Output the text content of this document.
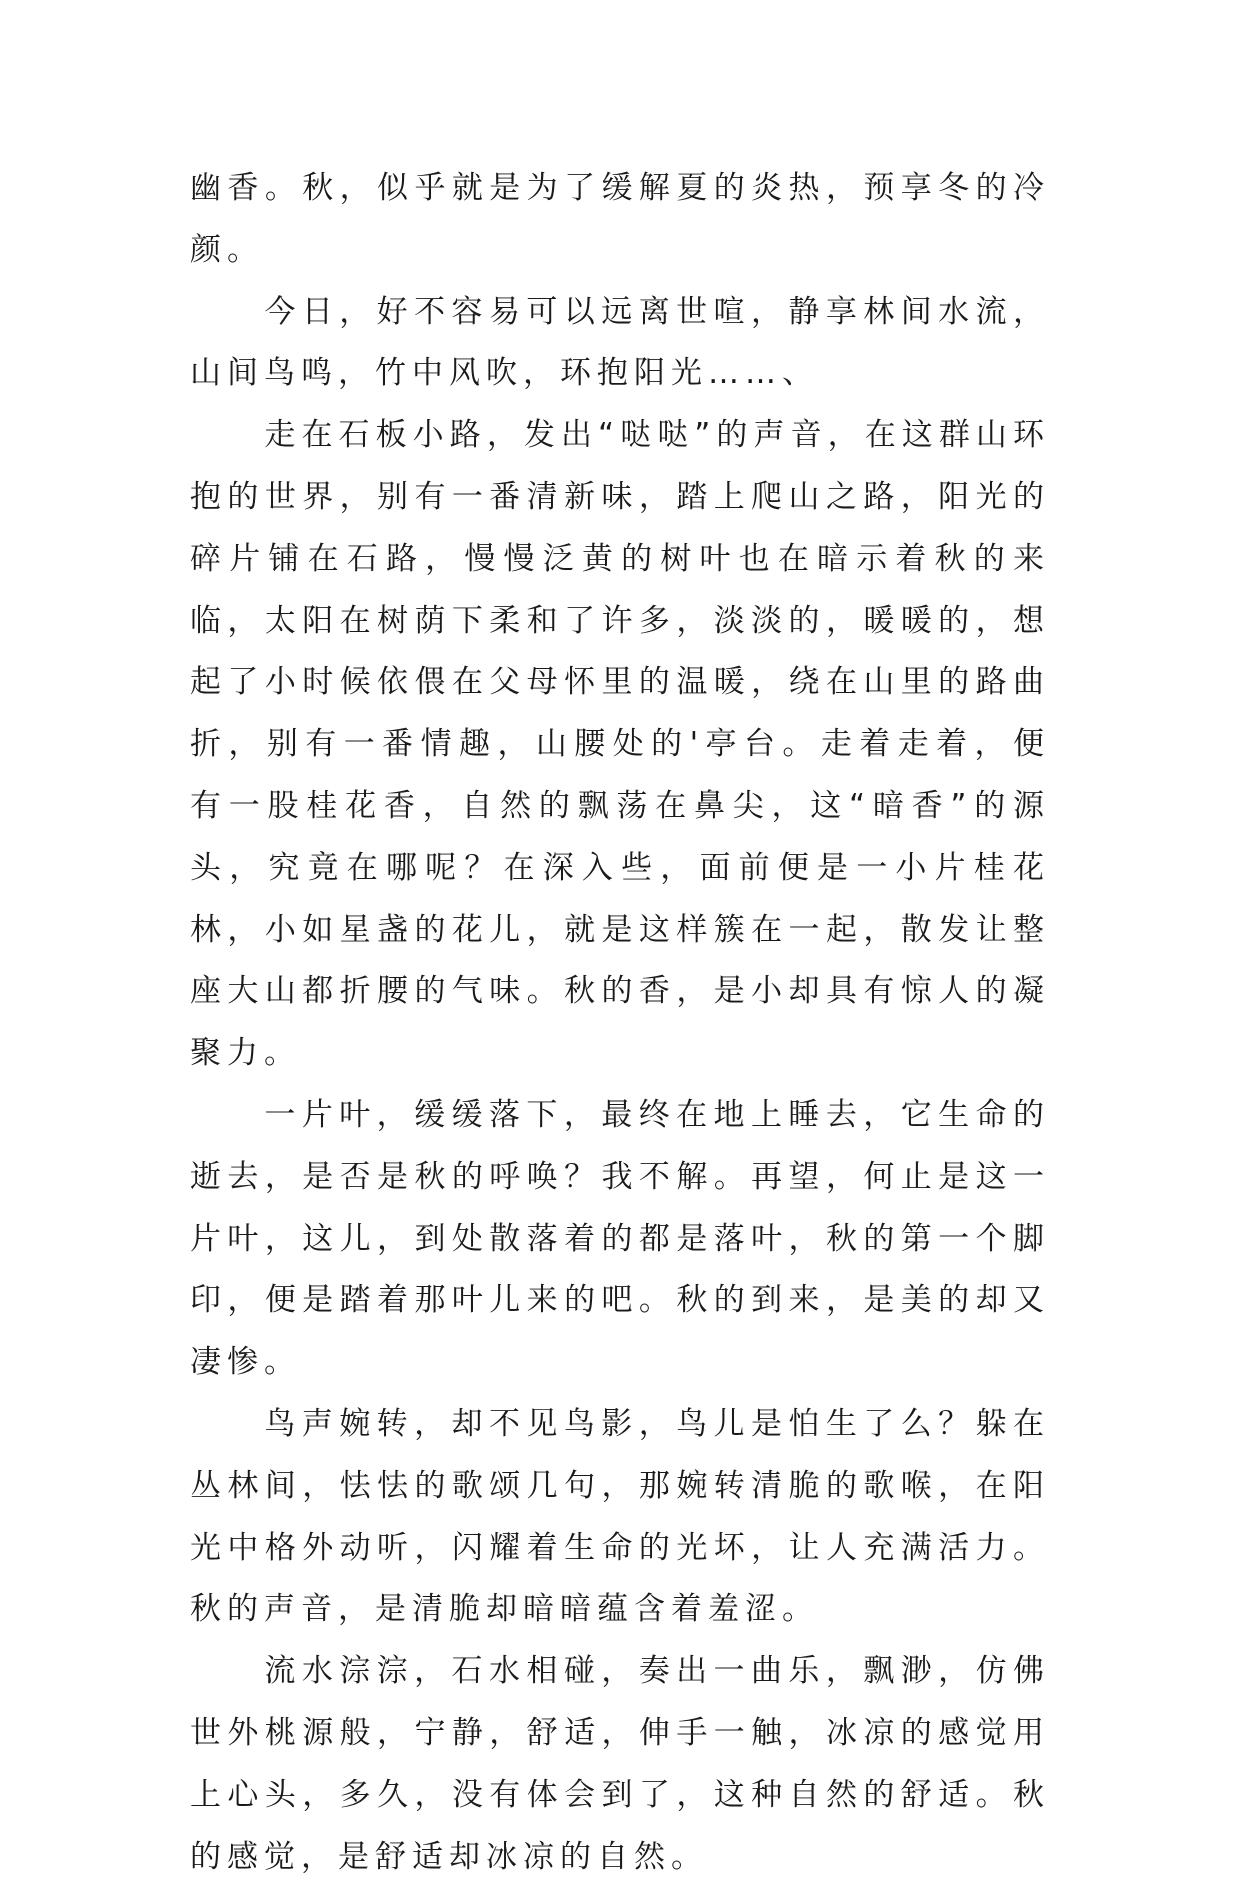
幽香。秋，似乎就是为了缓解夏的炎热，预享冬的冷颜。

今日，好不容易可以远离世喧，静享林间水流，山间鸟鸣，竹中风吹，环抱阳光……、

走在石板小路，发出“哒哒”的声音，在这群山环抱的世界，别有一番清新味，踏上爬山之路，阳光的碎片铺在石路，慢慢泛黄的树叶也在暗示着秋的来临，太阳在树荫下柔和了许多，淡淡的，暖暖的，想起了小时候依偎在父母怀里的温暖，绕在山里的路曲折，别有一番情趣，山腰处的'亭台。走着走着，便有一股桂花香，自然的飘荡在鼻尖，这“暗香”的源头，究竟在哪呢？在深入些，面前便是一小片桂花林，小如星盏的花儿，就是这样簇在一起，散发让整座大山都折腰的气味。秋的香，是小却具有惊人的凝聚力。

一片叶，缓缓落下，最终在地上睡去，它生命的逝去，是否是秋的呼唤？我不解。再望，何止是这一片叶，这儿，到处散落着的都是落叶，秋的第一个脚印，便是踏着那叶儿来的吧。秋的到来，是美的却又凄惨。

鸟声婉转，却不见鸟影，鸟儿是怕生了么？躲在丛林间，怯怯的歌颂几句，那婉转清脆的歌喉，在阳光中格外动听，闪耀着生命的光坏，让人充满活力。秋的声音，是清脆却暗暗蕴含着羞涩。

流水淙淙，石水相碰，奏出一曲乐，飘渺，仿佛世外桃源般，宁静，舒适，伸手一触，冰凉的感觉用上心头，多久，没有体会到了，这种自然的舒适。秋的感觉，是舒适却冰凉的自然。
